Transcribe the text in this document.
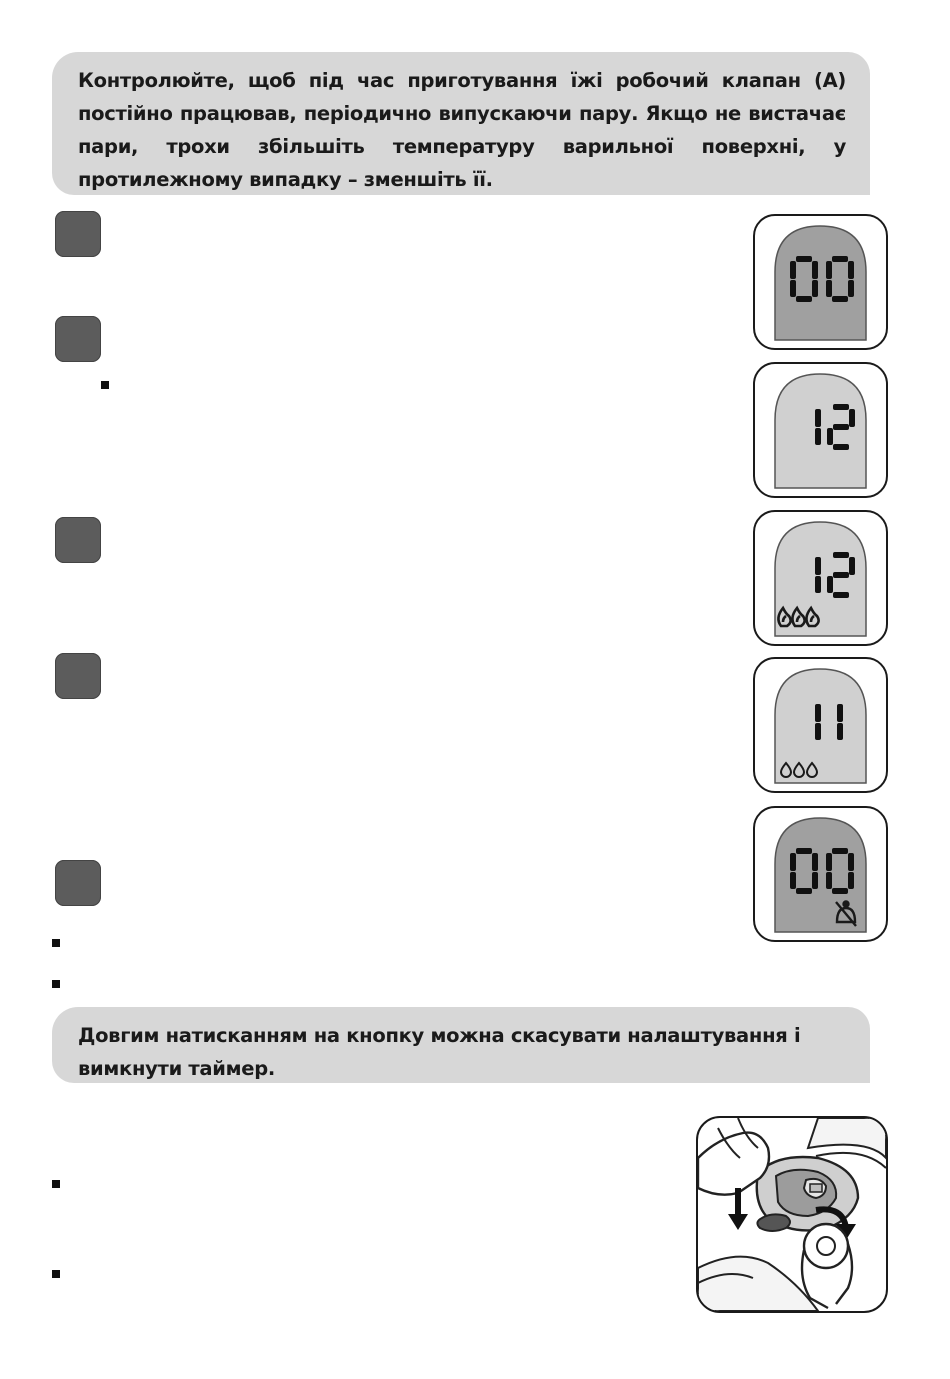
Контролюйте, щоб під час приготування їжі робочий клапан (А) постійно працював, періодично випускаючи пару. Якщо не вистачає пари, трохи збільшіть температуру варильної поверхні, у протилежному випадку – зменшіть її.
Довгим натисканням на кнопку можна скасувати налаштування і вимкнути таймер.
